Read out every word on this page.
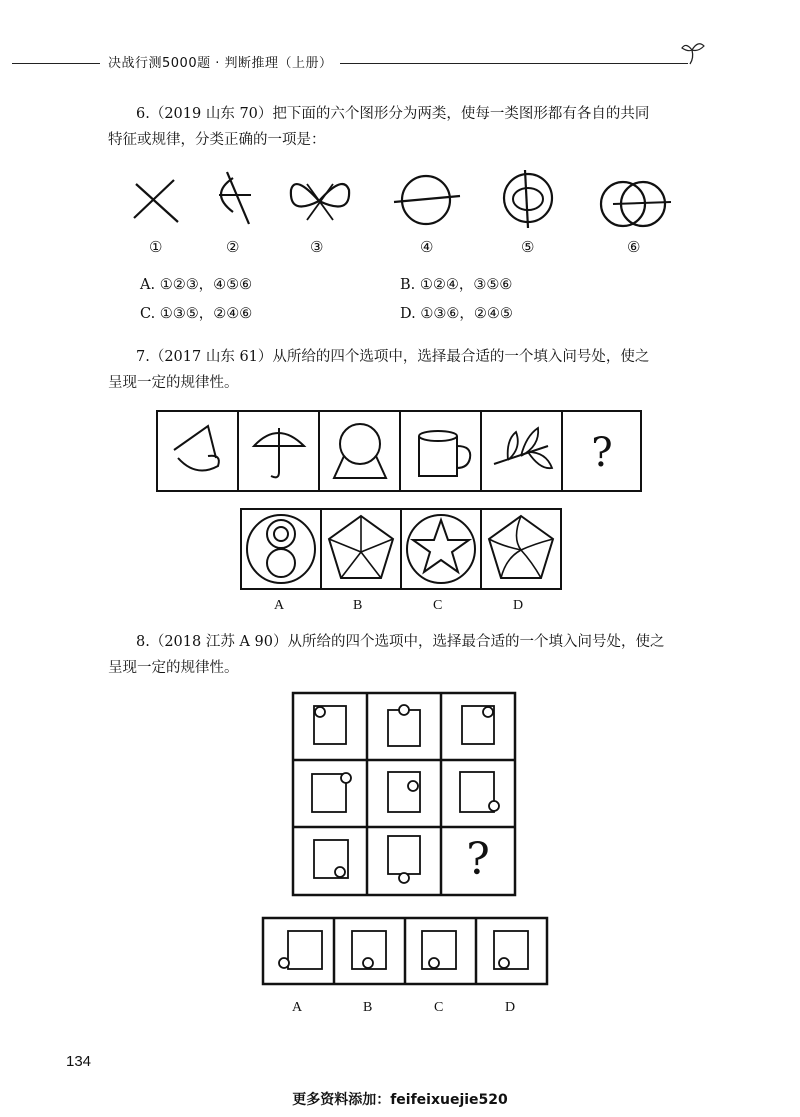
决战行测5000题 · 判断推理（上册）
6.（2019 山东 70）把下面的六个图形分为两类，使每一类图形都有各自的共同
特征或规律，分类正确的一项是：
①	②	③	④	⑤	⑥
A. ①②③，④⑤⑥	B. ①②④，③⑤⑥
C. ①③⑤，②④⑥	D. ①③⑥，②④⑤
7.（2017 山东 61）从所给的四个选项中，选择最合适的一个填入问号处，使之
呈现一定的规律性。
?
A	B	C	D
8.（2018 江苏 A 90）从所给的四个选项中，选择最合适的一个填入问号处，使之
呈现一定的规律性。
?
A	B	C	D
134
更多资料添加：feifeixuejie520
